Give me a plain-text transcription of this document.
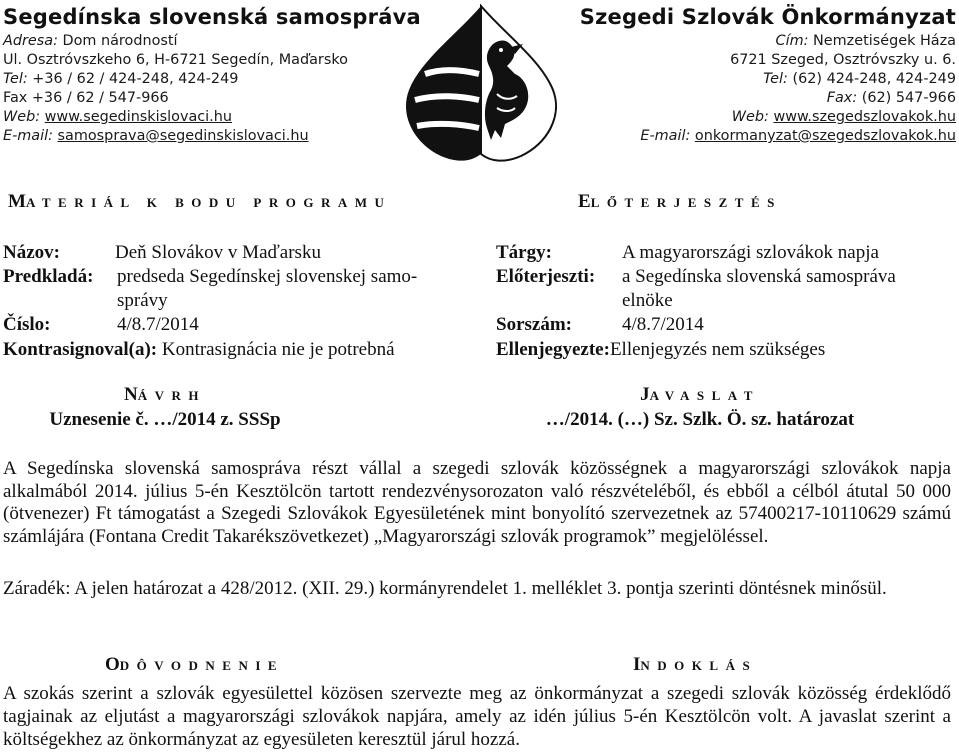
Segedínska slovenská samospráva
Adresa: Dom národností
Ul. Osztróvszkeho 6, H-6721 Segedín, Maďarsko
Tel: +36 / 62 / 424-248, 424-249
Fax +36 / 62 / 547-966
Web: www.segedinskislovaci.hu
E-mail: samosprava@segedinskislovaci.hu
Szegedi Szlovák Önkormányzat
Cím: Nemzetiségek Háza
6721 Szeged, Osztróvszky u. 6.
Tel: (62) 424-248, 424-249
Fax: (62) 547-966
Web: www.szegedszlovakok.hu
E-mail: onkormanyzat@szegedszlovakok.hu
MATERIÁL K BODU PROGRAMU	ELŐTERJESZTÉS
Názov:	Deň Slovákov v Maďarsku
Predkladá: predseda Segedínskej slovenskej samo-
správy
Číslo:	4/8.7/2014
Kontrasignoval(a): Kontrasignácia nie je potrebná
Tárgy:	A magyarországi szlovákok napja
Előterjeszti: a Segedínska slovenská samospráva
elnöke
Sorszám:	4/8.7/2014
Ellenjegyezte:Ellenjegyzés nem szükséges
NÁVRH
Uznesenie č. …/2014 z. SSSp
JAVASLAT
…/2014. (…) Sz. Szlk. Ö. sz. határozat
A Segedínska slovenská samospráva részt vállal a szegedi szlovák közösségnek a magyarországi szlovákok napja alkalmából 2014. július 5-én Kesztölcön tartott rendezvénysorozaton való részvételéből, és ebből a célból átutal 50 000 (ötvenezer) Ft támogatást a Szegedi Szlovákok Egyesületének mint bonyolító szervezetnek az 57400217-10110629 számú számlájára (Fontana Credit Takarékszövetkezet) „Magyarországi szlovák programok” megjelöléssel.
Záradék: A jelen határozat a 428/2012. (XII. 29.) kormányrendelet 1. melléklet 3. pontja szerinti döntésnek minősül.
ODÔVODNENIE	INDOKLÁS
A szokás szerint a szlovák egyesülettel közösen szervezte meg az önkormányzat a szegedi szlovák közösség érdeklődő tagjainak az eljutást a magyarországi szlovákok napjára, amely az idén július 5-én Kesztölcön volt. A javaslat szerint a költségekhez az önkormányzat az egyesületen keresztül járul hozzá.
